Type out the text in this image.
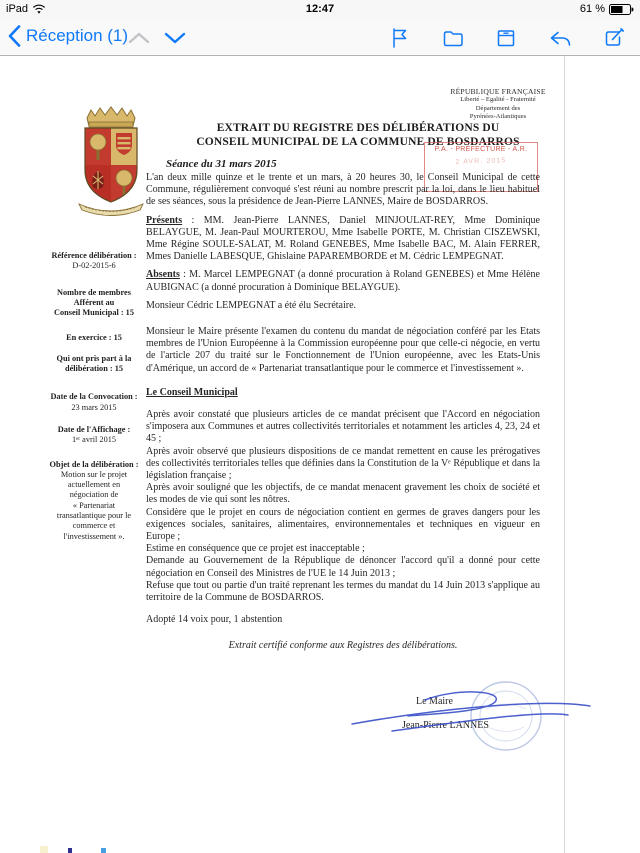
iPad	12:47	61 %
Réception (1)
RÉPUBLIQUE FRANÇAISE
Liberté – Egalité - Fraternité
Département des
Pyrénées-Atlantiques
EXTRAIT DU REGISTRE DES DÉLIBÉRATIONS DU
CONSEIL MUNICIPAL DE LA COMMUNE DE BOSDARROS
P.A. - PRÉFECTURE - A.R.
2 AVR. 2015
Séance du 31 mars 2015
Référence délibération :
D-02-2015-6
Nombre de membres
Afférent au
Conseil Municipal : 15
En exercice : 15
Qui ont pris part à la
délibération : 15
Date de la Convocation :
23 mars 2015
Date de l'Affichage :
1ᵉʳ avril 2015
Objet de la délibération :
Motion sur le projet
actuellement en
négociation de
« Partenariat
transatlantique pour le
commerce et
l'investissement ».

L'an deux mille quinze et le trente et un mars, à 20 heures 30, le Conseil Municipal de cette Commune, régulièrement convoqué s'est réuni au nombre prescrit par la loi, dans le lieu habituel de ses séances, sous la présidence de Jean-Pierre LANNES, Maire de BOSDARROS.

Présents : MM. Jean-Pierre LANNES, Daniel MINJOULAT-REY, Mme Dominique BELAYGUE, M. Jean-Paul MOURTEROU, Mme Isabelle PORTE, M. Christian CISZEWSKI, Mme Régine SOULE-SALAT, M. Roland GENEBES, Mme Isabelle BAC, M. Alain FERRER, Mmes Danielle LABESQUE, Ghislaine PAPAREMBORDE et M. Cédric LEMPEGNAT.

Absents : M. Marcel LEMPEGNAT (a donné procuration à Roland GENEBES) et Mme Hélène AUBIGNAC (a donné procuration à Dominique BELAYGUE).

Monsieur Cédric LEMPEGNAT a été élu Secrétaire.

Monsieur le Maire présente l'examen du contenu du mandat de négociation conféré par les Etats membres de l'Union Européenne à la Commission européenne pour que celle-ci négocie, en vertu de l'article 207 du traité sur le Fonctionnement de l'Union européenne, avec les Etats-Unis d'Amérique, un accord de « Partenariat transatlantique pour le commerce et l'investissement ».

Le Conseil Municipal

Après avoir constaté que plusieurs articles de ce mandat précisent que l'Accord en négociation s'imposera aux Communes et autres collectivités territoriales et notamment les articles 4, 23, 24 et 45 ;

Après avoir observé que plusieurs dispositions de ce mandat remettent en cause les prérogatives des collectivités territoriales telles que définies dans la Constitution de la Vᵉ République et dans la législation française ;

Après avoir souligné que les objectifs, de ce mandat menacent gravement les choix de société et les modes de vie qui sont les nôtres.

Considère que le projet en cours de négociation contient en germes de graves dangers pour les exigences sociales, sanitaires, alimentaires, environnementales et techniques en vigueur en Europe ;

Estime en conséquence que ce projet est inacceptable ;

Demande au Gouvernement de la République de dénoncer l'accord qu'il a donné pour cette négociation en Conseil des Ministres de l'UE le 14 Juin 2013 ;

Refuse que tout ou partie d'un traité reprenant les termes du mandat du 14 Juin 2013 s'applique au territoire de la Commune de BOSDARROS.

Adopté 14 voix pour, 1 abstention

Extrait certifié conforme aux Registres des délibérations.

Le Maire
Jean-Pierre LANNES
